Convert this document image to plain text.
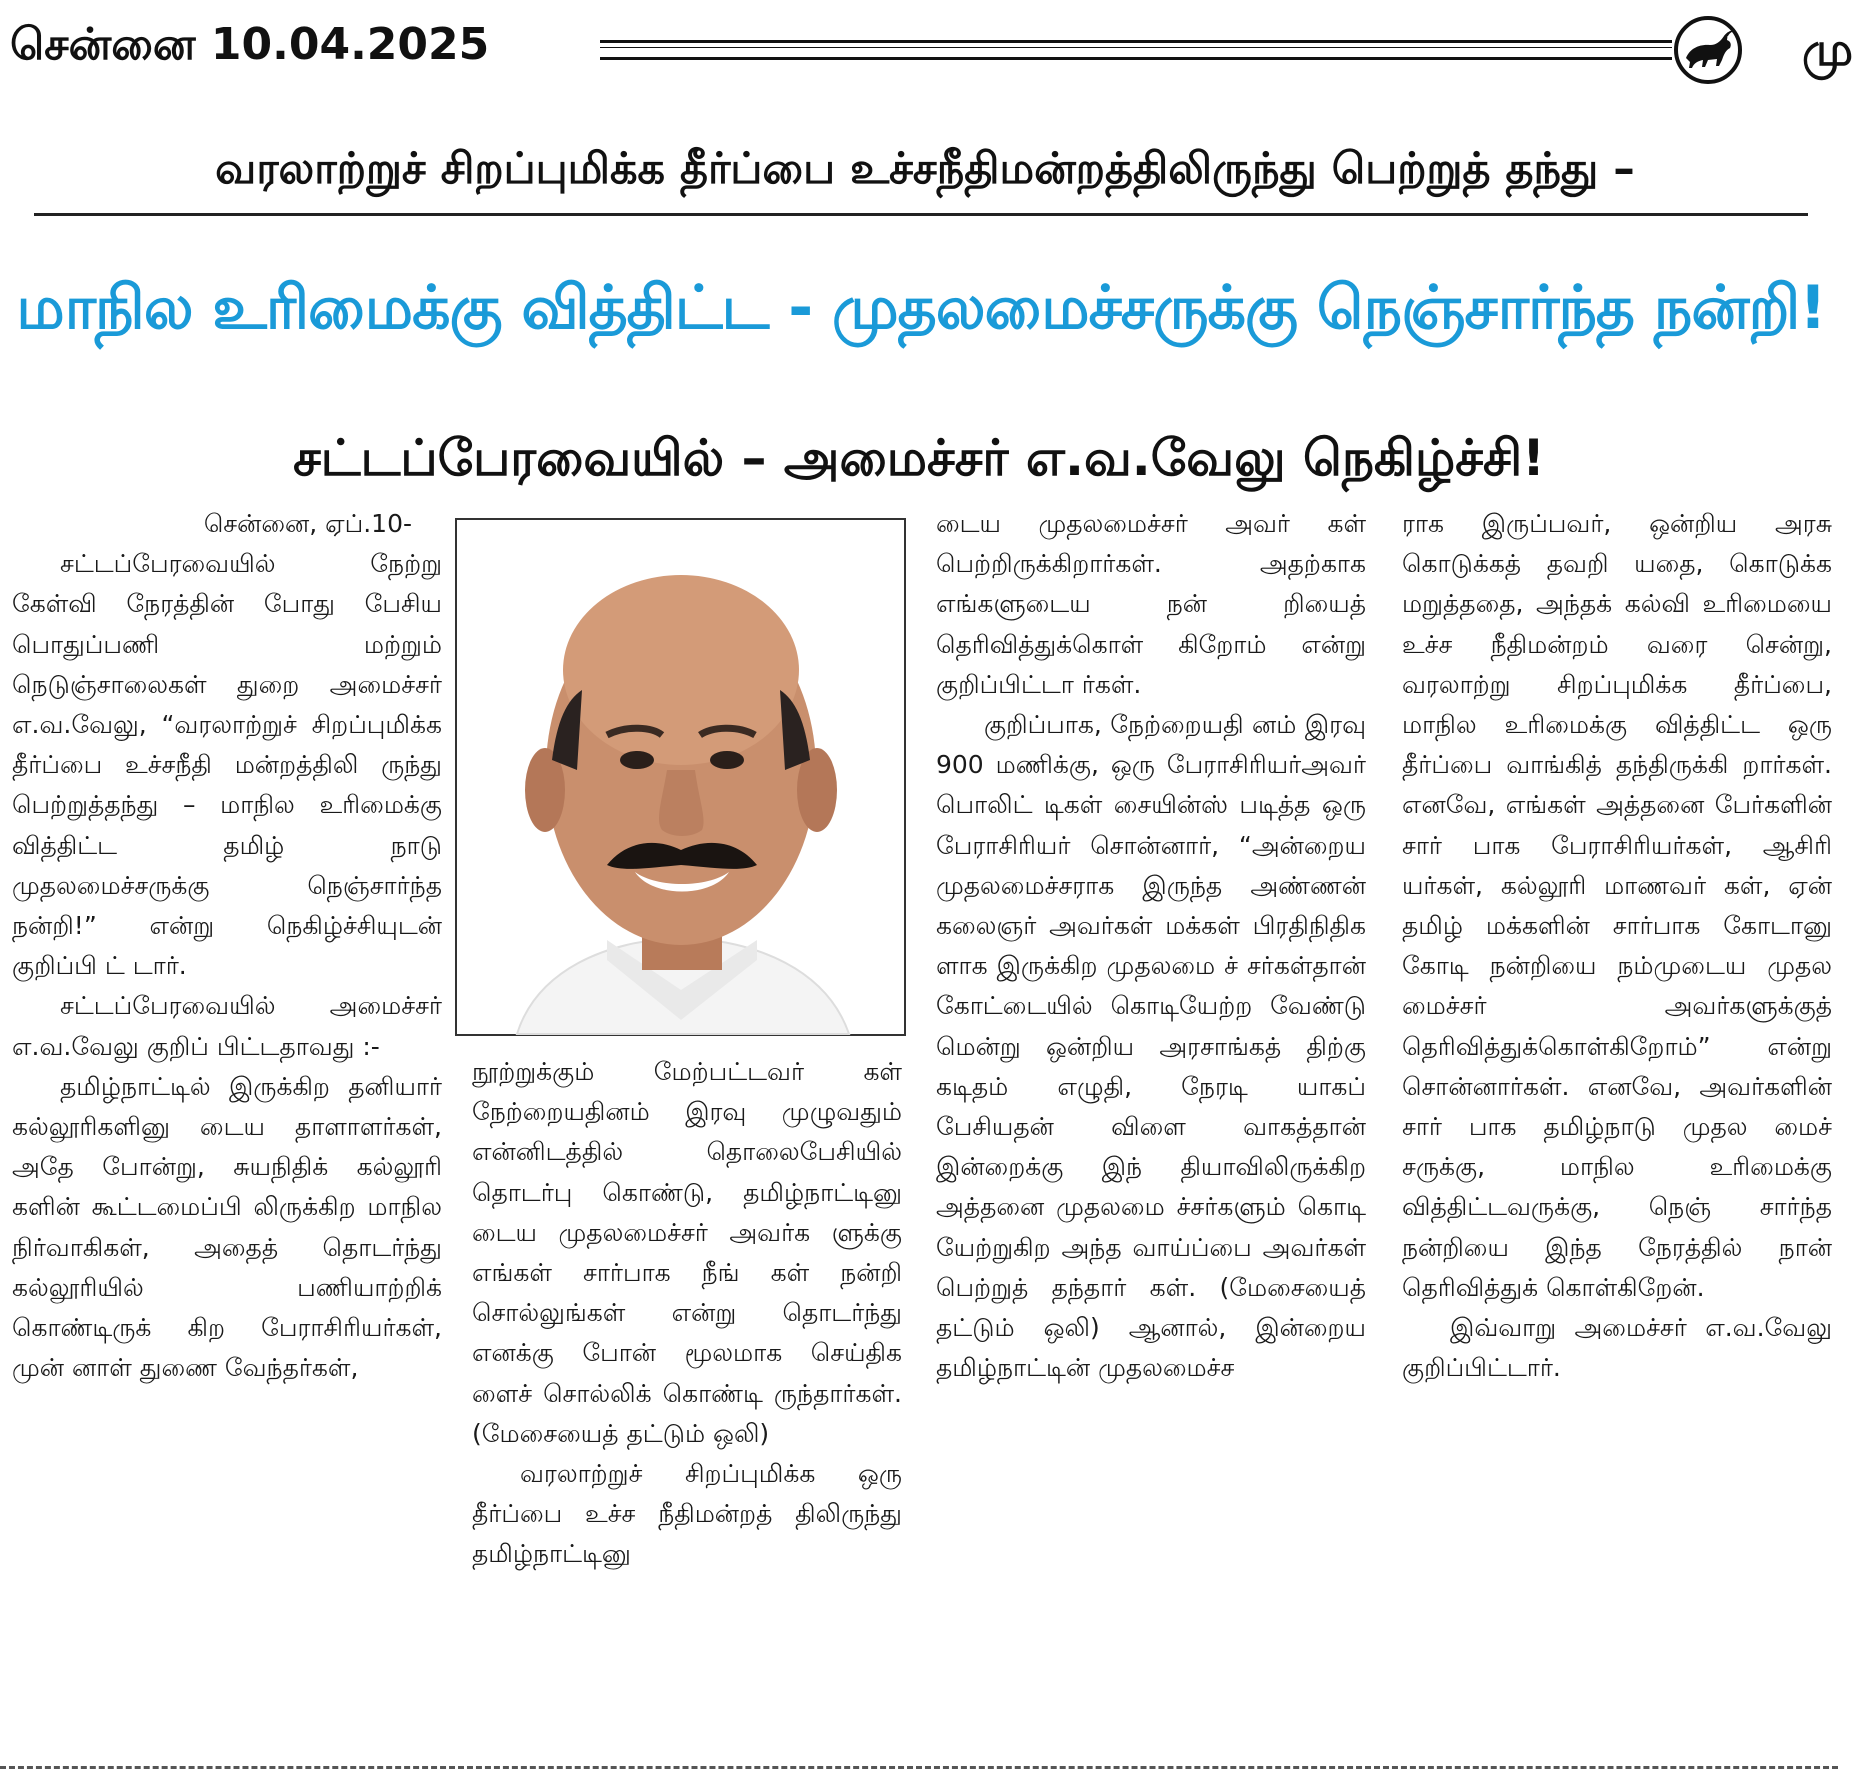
சென்னை 10.04.2025	மு
வரலாற்றுச் சிறப்புமிக்க தீர்ப்பை உச்சநீதிமன்றத்திலிருந்து பெற்றுத் தந்து –
மாநில உரிமைக்கு வித்திட்ட - முதலமைச்சருக்கு நெஞ்சார்ந்த நன்றி!
சட்டப்பேரவையில் – அமைச்சர் எ.வ.வேலு நெகிழ்ச்சி!

சென்னை, ஏப்.10-

சட்டப்பேரவையில் நேற்று கேள்வி நேரத்தின் போது பேசிய பொதுப்பணி மற்றும் நெடுஞ்சாலைகள் துறை அமைச்சர் எ.வ.வேலு, “வரலாற்றுச் சிறப்புமிக்க தீர்ப்பை உச்சநீதி மன்றத்திலி ருந்து பெற்றுத்தந்து – மாநில உரிமைக்கு வித்திட்ட தமிழ் நாடு முதலமைச்சருக்கு நெஞ்சார்ந்த நன்றி!” என்று நெகிழ்ச்சியுடன் குறிப்பி ட் டார்.

சட்டப்பேரவையில் அமைச்சர் எ.வ.வேலு குறிப் பிட்டதாவது :-

தமிழ்நாட்டில் இருக்கிற தனியார் கல்லூரிகளினு டைய தாளாளர்கள், அதே போன்று, சுயநிதிக் கல்லூரி களின் கூட்டமைப்பி லிருக்கிற மாநில நிர்வாகிகள், அதைத் தொடர்ந்து கல்லூரியில் பணியாற்றிக் கொண்டிருக் கிற பேராசிரியர்கள், முன் னாள் துணை வேந்தர்கள்,

நூற்றுக்கும் மேற்பட்டவர் கள் நேற்றையதினம் இரவு முழுவதும் என்னிடத்தில் தொலைபேசியில் தொடர்பு கொண்டு, தமிழ்நாட்டினு டைய முதலமைச்சர் அவர்க ளுக்கு எங்கள் சார்பாக நீங் கள் நன்றி சொல்லுங்கள் என்று தொடர்ந்து எனக்கு போன் மூலமாக செய்திக ளைச் சொல்லிக் கொண்டி ருந்தார்கள். (மேசையைத் தட்டும் ஒலி)

வரலாற்றுச் சிறப்புமிக்க ஒரு தீர்ப்பை உச்ச நீதிமன்றத் திலிருந்து தமிழ்நாட்டினு

டைய முதலமைச்சர் அவர் கள் பெற்றிருக்கிறார்கள். அதற்காக எங்களுடைய நன் றியைத் தெரிவித்துக்கொள் கிறோம் என்று குறிப்பிட்டா ர்கள்.

குறிப்பாக, நேற்றையதி னம் இரவு 900 மணிக்கு, ஒரு பேராசிரியர்அவர் பொலிட் டிகள் சையின்ஸ் படித்த ஒரு பேராசிரியர் சொன்னார், “அன்றைய முதலமைச்சராக இருந்த அண்ணன் கலைஞர் அவர்கள் மக்கள் பிரதிநிதிக ளாக இருக்கிற முதலமை ச் சர்கள்தான் கோட்டையில் கொடியேற்ற வேண்டு மென்று ஒன்றிய அரசாங்கத் திற்கு கடிதம் எழுதி, நேரடி யாகப் பேசியதன் விளை வாகத்தான் இன்றைக்கு இந் தியாவிலிருக்கிற அத்தனை முதலமை ச்சர்களும் கொடி யேற்றுகிற அந்த வாய்ப்பை அவர்கள் பெற்றுத் தந்தார் கள். (மேசையைத் தட்டும் ஒலி) ஆனால், இன்றைய தமிழ்நாட்டின் முதலமைச்ச

ராக இருப்பவர், ஒன்றிய அரசு கொடுக்கத் தவறி யதை, கொடுக்க மறுத்ததை, அந்தக் கல்வி உரிமையை உச்ச நீதிமன்றம் வரை சென்று, வரலாற்று சிறப்புமிக்க தீர்ப்பை, மாநில உரிமைக்கு வித்திட்ட ஒரு தீர்ப்பை வாங்கித் தந்திருக்கி றார்கள். எனவே, எங்கள் அத்தனை பேர்களின் சார் பாக பேராசிரியர்கள், ஆசிரி யர்கள், கல்லூரி மாணவர் கள், ஏன் தமிழ் மக்களின் சார்பாக கோடானு கோடி நன்றியை நம்முடைய முதல மைச்சர் அவர்களுக்குத் தெரிவித்துக்கொள்கிறோம்” என்று சொன்னார்கள். எனவே, அவர்களின் சார் பாக தமிழ்நாடு முதல மைச் சருக்கு, மாநில உரிமைக்கு வித்திட்டவருக்கு, நெஞ் சார்ந்த நன்றியை இந்த நேரத்தில் நான் தெரிவித்துக் கொள்கிறேன்.

இவ்வாறு அமைச்சர் எ.வ.வேலு குறிப்பிட்டார்.
